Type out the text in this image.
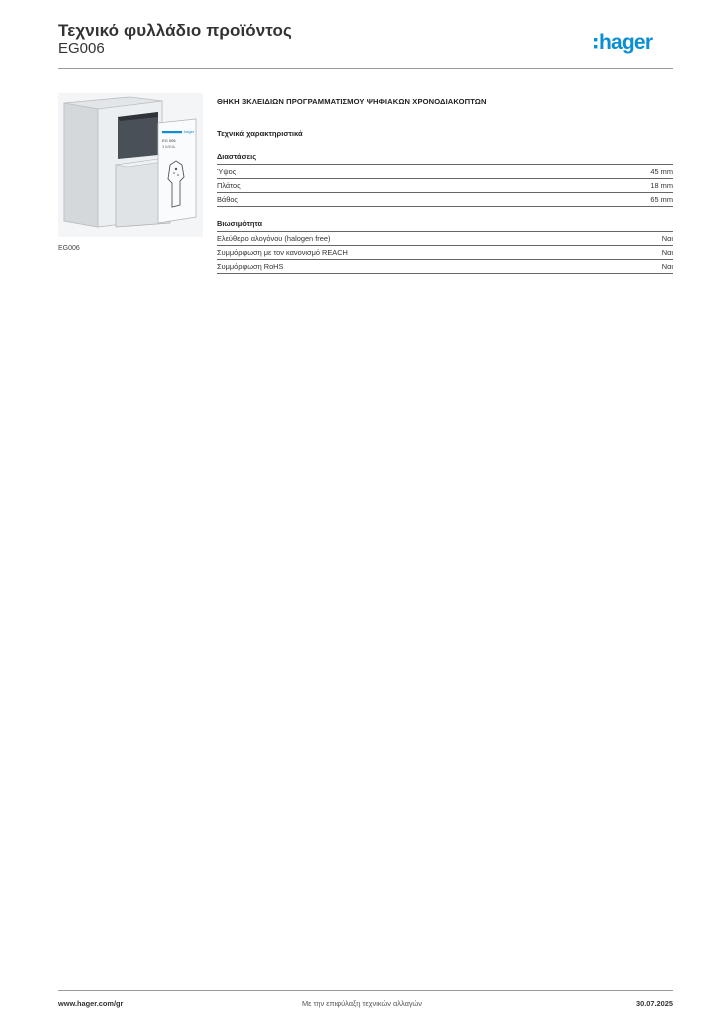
Τεχνικό φυλλάδιο προϊόντος
EG006	hager
hager
EG 006
3 ΚΛΕΙΔ.
EG006
ΘΗΚΗ 3ΚΛΕΙΔΙΩΝ ΠΡΟΓΡΑΜΜΑΤΙΣΜΟΥ ΨΗΦΙΑΚΩΝ ΧΡΟΝΟΔΙΑΚΟΠΤΩΝ
Τεχνικά χαρακτηριστικά
Διαστάσεις
Ύψος	45 mm
Πλάτος	18 mm
Βάθος	65 mm
Βιωσιμότητα
Ελεύθερο αλογόνου (halogen free)	Ναι
Συμμόρφωση με τον κανονισμό REACH	Ναι
Συμμόρφωση RoHS	Ναι
www.hager.com/gr	Με την επιφύλαξη τεχνικών αλλαγών	30.07.2025
